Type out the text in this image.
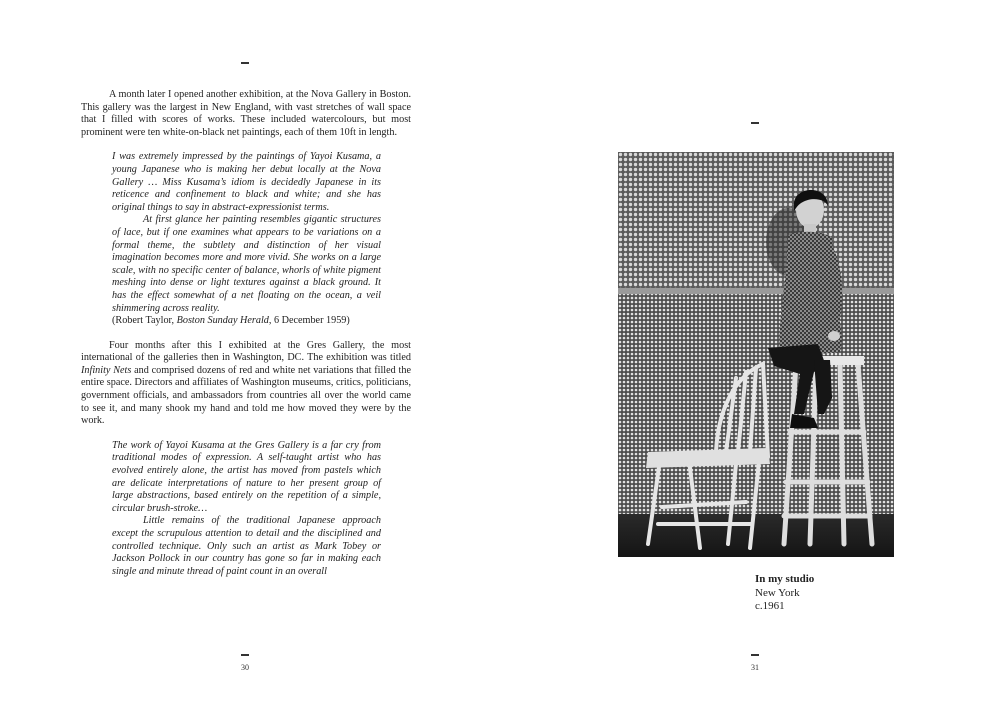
A month later I opened another exhibition, at the Nova Gallery in Boston. This gallery was the largest in New England, with vast stretches of wall space that I filled with scores of works. These included watercolours, but most prominent were ten white-on-black net paintings, each of them 10ft in length.

I was extremely impressed by the paintings of Yayoi Kusama, a young Japanese who is making her debut locally at the Nova Gallery … Miss Kusama’s idiom is decidedly Japanese in its reticence and confinement to black and white; and she has original things to say in abstract-expressionist terms.

At first glance her painting resembles gigantic structures of lace, but if one examines what appears to be variations on a formal theme, the subtlety and distinction of her visual imagination becomes more and more vivid. She works on a large scale, with no specific center of balance, whorls of white pigment meshing into dense or light textures against a black ground. It has the effect somewhat of a net floating on the ocean, a veil shimmering across reality.

(Robert Taylor, Boston Sunday Herald, 6 December 1959)

Four months after this I exhibited at the Gres Gallery, the most international of the galleries then in Washington, DC. The exhibition was titled Infinity Nets and comprised dozens of red and white net variations that filled the entire space. Directors and affiliates of Washington museums, critics, politicians, government officials, and ambassadors from countries all over the world came to see it, and many shook my hand and told me how moved they were by the work.

The work of Yayoi Kusama at the Gres Gallery is a far cry from traditional modes of expression. A self-taught artist who has evolved entirely alone, the artist has moved from pastels which are delicate interpretations of nature to her present group of large abstractions, based entirely on the repetition of a simple, circular brush-stroke…

Little remains of the traditional Japanese approach except the scrupulous attention to detail and the disciplined and controlled technique. Only such an artist as Mark Tobey or Jackson Pollock in our country has gone so far in making each single and minute thread of paint count in an overall

30
In my studio
New York
c.1961
31
